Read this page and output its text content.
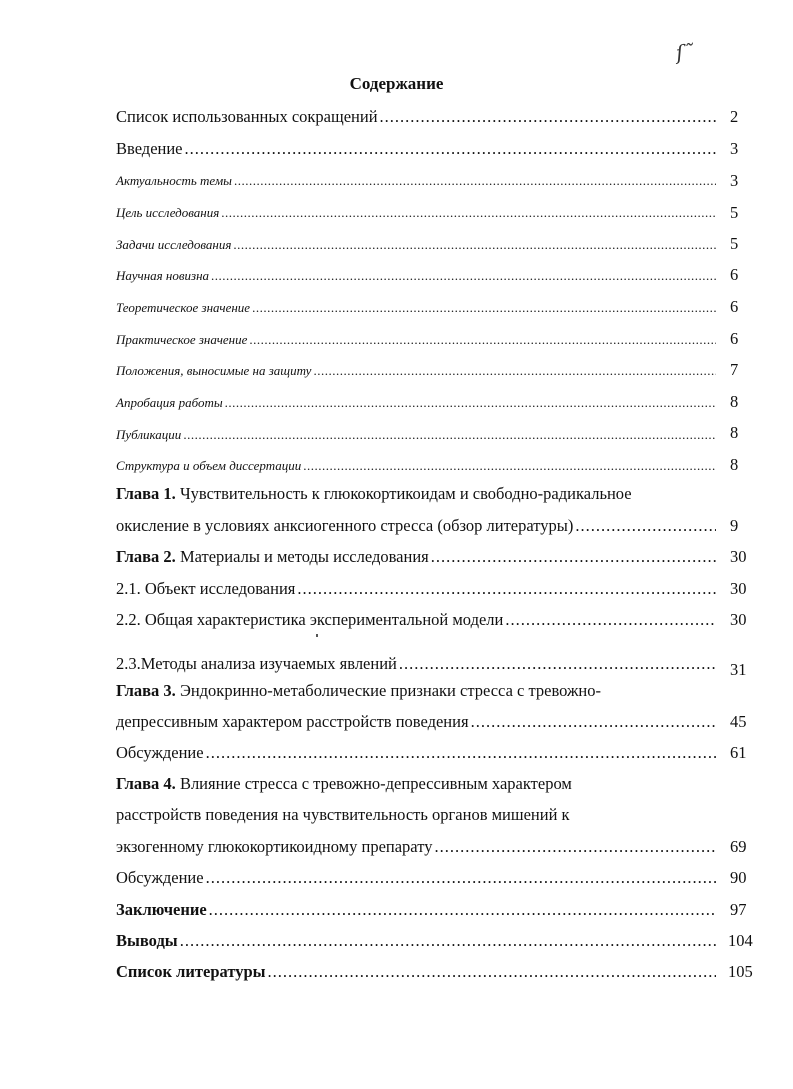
ſ˜
Содержание
Список использованных сокращений .....	2
Введение .....	3
Актуальность темы .....	3
Цель исследования .....	5
Задачи исследования .....	5
Научная новизна .....	6
Теоретическое значение .....	6
Практическое значение .....	6
Положения, выносимые на защиту .....	7
Апробация работы .....	8
Публикации .....	8
Структура и объем диссертации .....	8
Глава 1. Чувствительность к глюкокортикоидам и свободно-радикальное
окисление в условиях анксиогенного стресса (обзор литературы) .....	9
Глава 2. Материалы и методы исследования .....	30
2.1. Объект исследования .....	30
2.2. Общая характеристика экспериментальной модели .....	30
2.3.Методы анализа изучаемых явлений .....	31
Глава 3. Эндокринно-метаболические признаки стресса с тревожно-
депрессивным характером расстройств поведения .....	45
Обсуждение .....	61
Глава 4. Влияние стресса с тревожно-депрессивным характером
расстройств поведения на чувствительность органов мишений к
экзогенному глюкокортикоидному препарату .....	69
Обсуждение .....	90
Заключение .....	97
Выводы .....	104
Список литературы .....	105
